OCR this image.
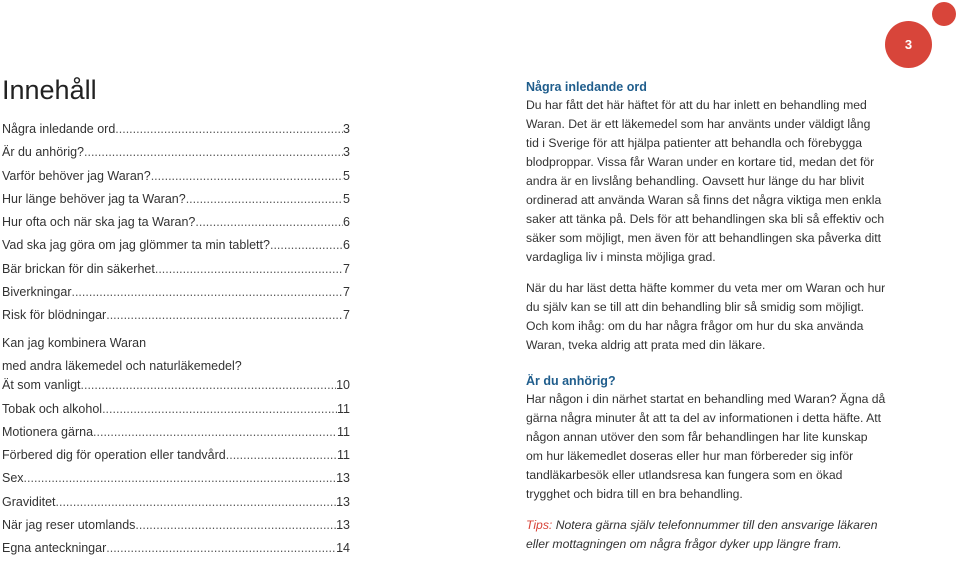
3
Innehåll
Några inledande ord .....	3
Är du anhörig? .....	3
Varför behöver jag Waran? .....	5
Hur länge behöver jag ta Waran? .....	5
Hur ofta och när ska jag ta Waran? .....	6
Vad ska jag göra om jag glömmer ta min tablett? .....	6
Bär brickan för din säkerhet .....	7
Biverkningar .....	7
Risk för blödningar .....	7
Kan jag kombinera Waran
med andra läkemedel och naturläkemedel?
Ät som vanligt .....	10
Tobak och alkohol .....	11
Motionera gärna .....	11
Förbered dig för operation eller tandvård .....	11
Sex .....	13
Graviditet .....	13
När jag reser utomlands .....	13
Egna anteckningar .....	14
Några inledande ord

Du har fått det här häftet för att du har inlett en behandling med Waran. Det är ett läkemedel som har använts under väldigt lång tid i Sverige för att hjälpa patienter att behandla och förebygga blodproppar. Vissa får Waran under en kortare tid, medan det för andra är en livslång behandling. Oavsett hur länge du har blivit ordinerad att använda Waran så finns det några viktiga men enkla saker att tänka på. Dels för att behandlingen ska bli så effektiv och säker som möjligt, men även för att behandlingen ska påverka ditt vardagliga liv i minsta möjliga grad.

När du har läst detta häfte kommer du veta mer om Waran och hur du själv kan se till att din behandling blir så smidig som möjligt. Och kom ihåg: om du har några frågor om hur du ska använda Waran, tveka aldrig att prata med din läkare.

Är du anhörig?

Har någon i din närhet startat en behandling med Waran? Ägna då gärna några minuter åt att ta del av informationen i detta häfte. Att någon annan utöver den som får behandlingen har lite kunskap om hur läkemedlet doseras eller hur man förbereder sig inför tandläkarbesök eller utlandsresa kan fungera som en ökad trygghet och bidra till en bra behandling.

Tips: Notera gärna själv telefonnummer till den ansvarige läkaren eller mottagningen om några frågor dyker upp längre fram.
